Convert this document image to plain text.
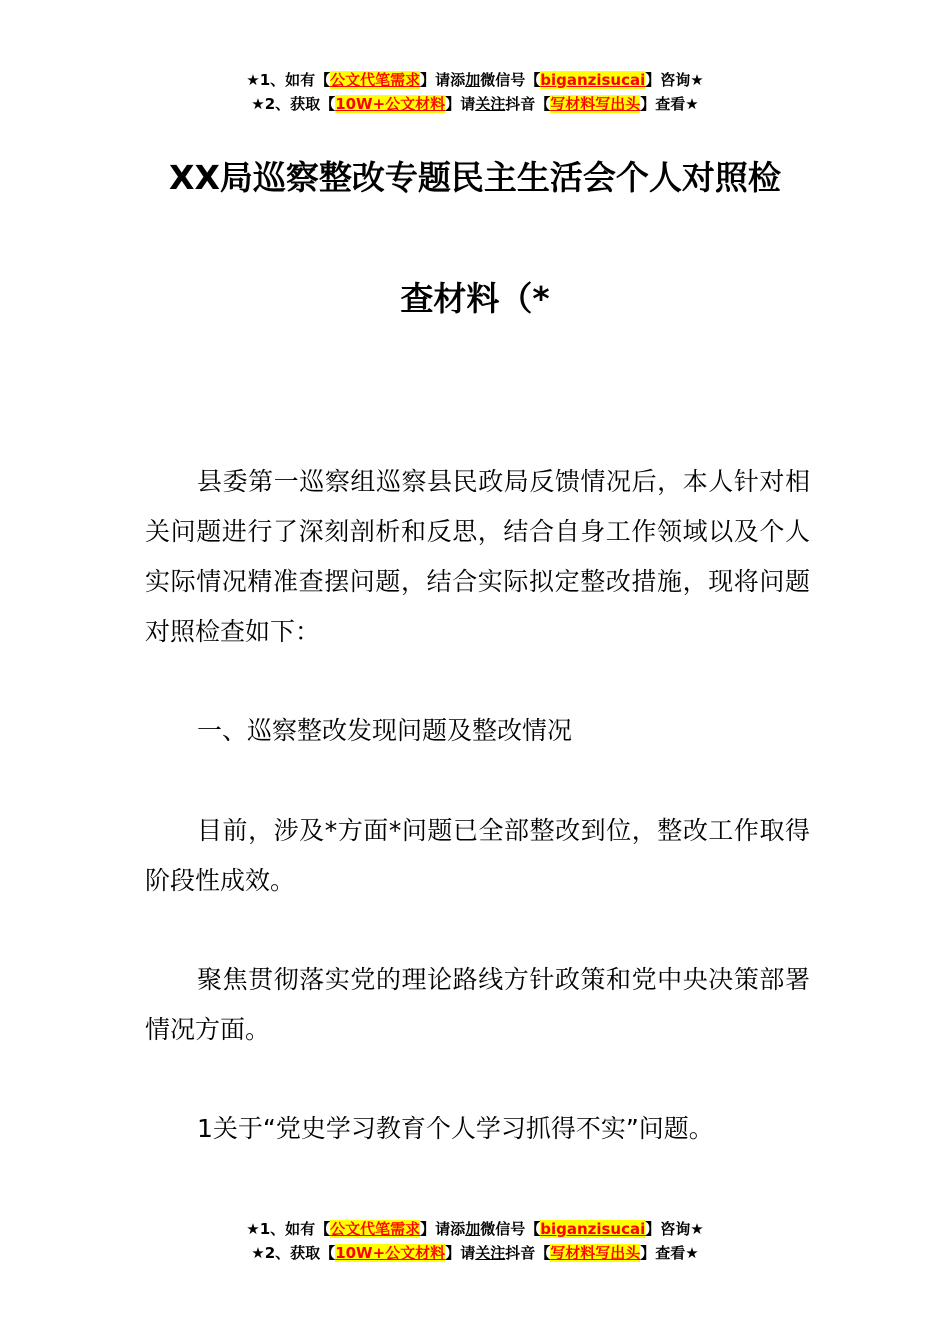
★1、如有【公文代笔需求】请添加微信号【biganzisucai】咨询★
★2、获取【10W+公文材料】请关注抖音【写材料写出头】查看★
XX局巡察整改专题民主生活会个人对照检
查材料（*
县委第一巡察组巡察县民政局反馈情况后，本人针对相关问题进行了深刻剖析和反思，结合自身工作领域以及个人实际情况精准查摆问题，结合实际拟定整改措施，现将问题对照检查如下：
一、巡察整改发现问题及整改情况
目前，涉及*方面*问题已全部整改到位，整改工作取得阶段性成效。
聚焦贯彻落实党的理论路线方针政策和党中央决策部署情况方面。
1关于“党史学习教育个人学习抓得不实”问题。
★1、如有【公文代笔需求】请添加微信号【biganzisucai】咨询★
★2、获取【10W+公文材料】请关注抖音【写材料写出头】查看★
